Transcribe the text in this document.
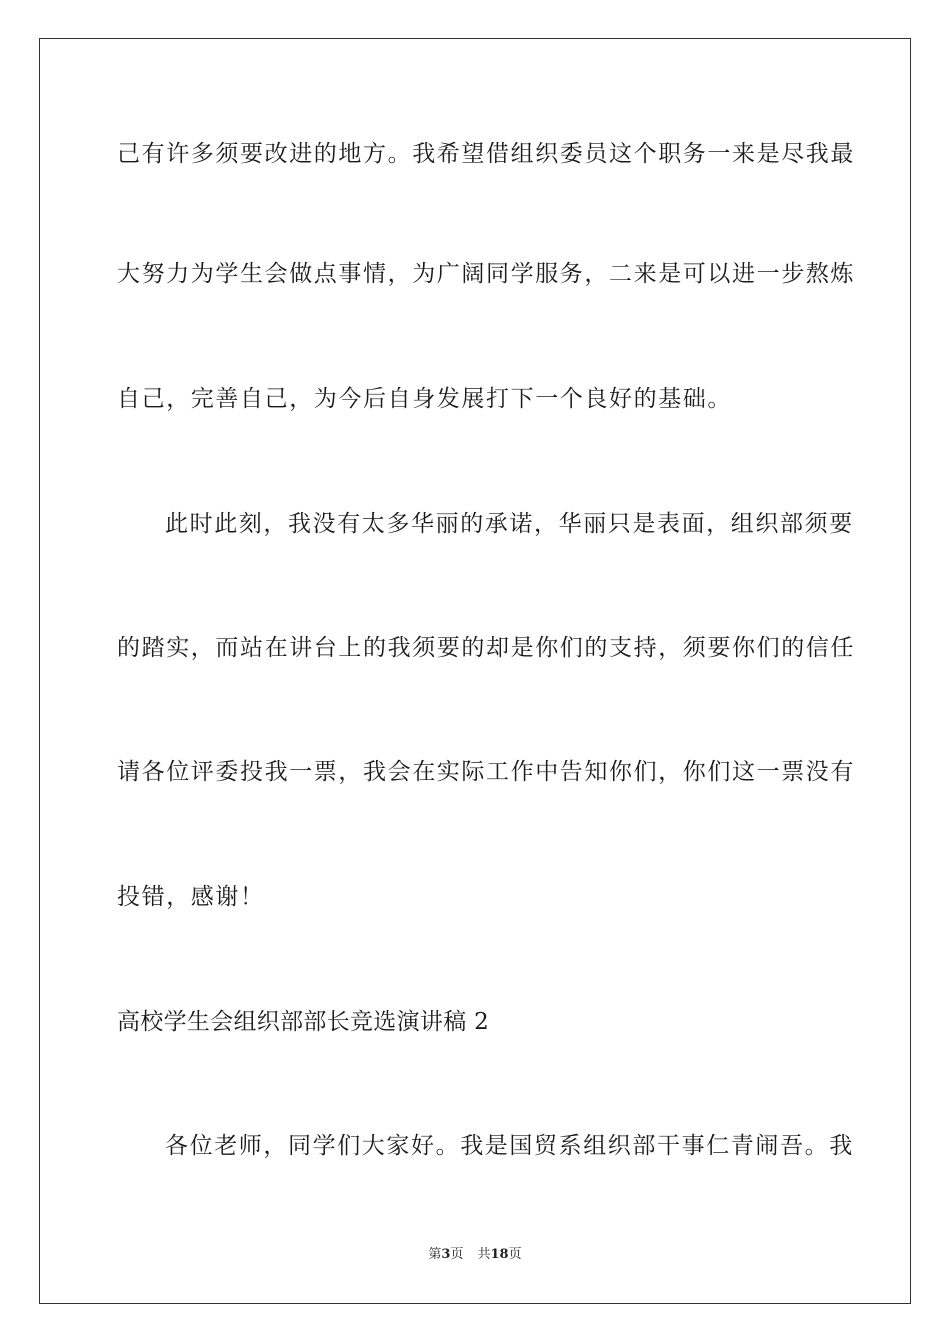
己有许多须要改进的地方。我希望借组织委员这个职务一来是尽我最
大努力为学生会做点事情，为广阔同学服务，二来是可以进一步熬炼
自己，完善自己，为今后自身发展打下一个良好的基础。
此时此刻，我没有太多华丽的承诺，华丽只是表面，组织部须要
的踏实，而站在讲台上的我须要的却是你们的支持，须要你们的信任
请各位评委投我一票，我会在实际工作中告知你们，你们这一票没有
投错，感谢！
高校学生会组织部部长竞选演讲稿 2
各位老师，同学们大家好。我是国贸系组织部干事仁青闹吾。我
第3页 共18页
